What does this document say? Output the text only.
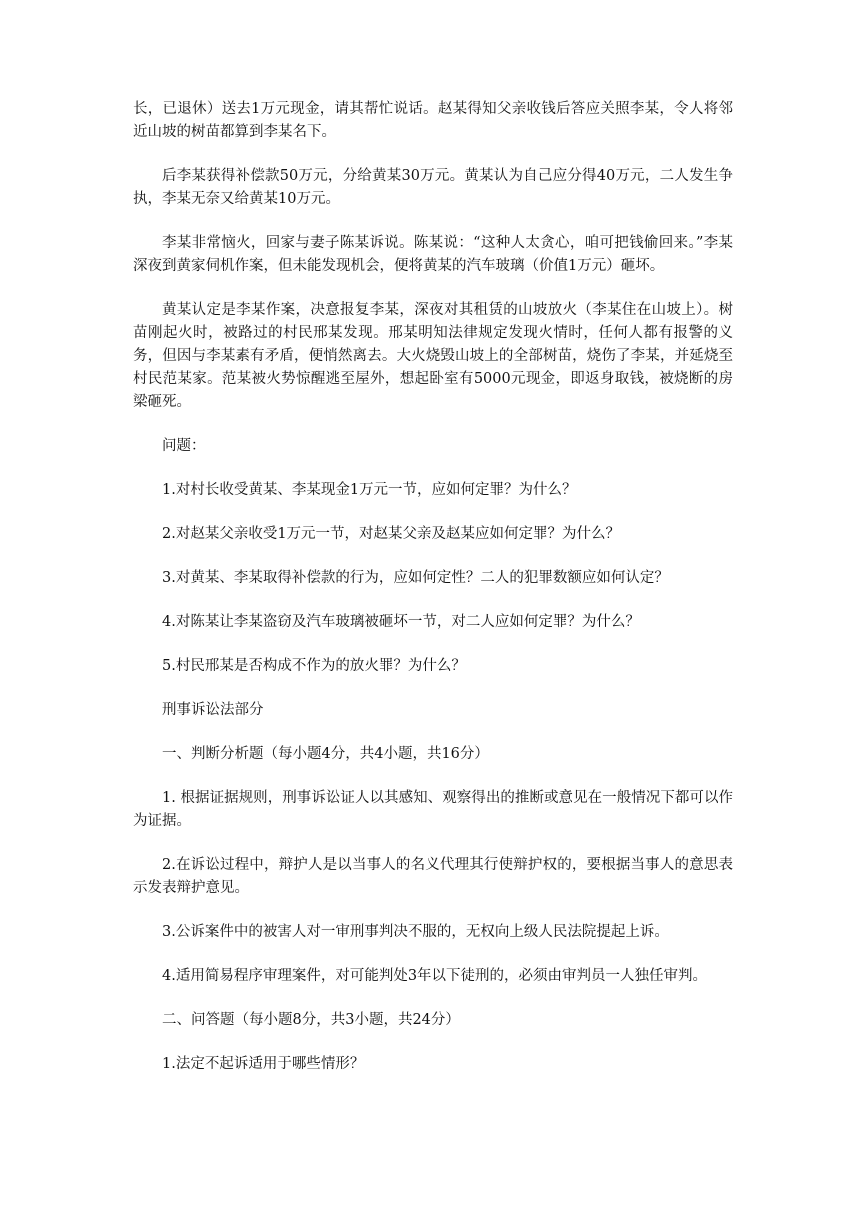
长，已退休）送去1万元现金，请其帮忙说话。赵某得知父亲收钱后答应关照李某，令人将邻近山坡的树苗都算到李某名下。

后李某获得补偿款50万元，分给黄某30万元。黄某认为自己应分得40万元，二人发生争执，李某无奈又给黄某10万元。

李某非常恼火，回家与妻子陈某诉说。陈某说：“这种人太贪心，咱可把钱偷回来。”李某深夜到黄家伺机作案，但未能发现机会，便将黄某的汽车玻璃（价值1万元）砸坏。

黄某认定是李某作案，决意报复李某，深夜对其租赁的山坡放火（李某住在山坡上）。树苗刚起火时，被路过的村民邢某发现。邢某明知法律规定发现火情时，任何人都有报警的义务，但因与李某素有矛盾，便悄然离去。大火烧毁山坡上的全部树苗，烧伤了李某，并延烧至村民范某家。范某被火势惊醒逃至屋外，想起卧室有5000元现金，即返身取钱，被烧断的房梁砸死。

问题：

1.对村长收受黄某、李某现金1万元一节，应如何定罪？为什么？

2.对赵某父亲收受1万元一节，对赵某父亲及赵某应如何定罪？为什么？

3.对黄某、李某取得补偿款的行为，应如何定性？二人的犯罪数额应如何认定？

4.对陈某让李某盗窃及汽车玻璃被砸坏一节，对二人应如何定罪？为什么？

5.村民邢某是否构成不作为的放火罪？为什么？

刑事诉讼法部分

一、判断分析题（每小题4分，共4小题，共16分）

1. 根据证据规则，刑事诉讼证人以其感知、观察得出的推断或意见在一般情况下都可以作为证据。

2.在诉讼过程中，辩护人是以当事人的名义代理其行使辩护权的，要根据当事人的意思表示发表辩护意见。

3.公诉案件中的被害人对一审刑事判决不服的，无权向上级人民法院提起上诉。

4.适用简易程序审理案件，对可能判处3年以下徒刑的，必须由审判员一人独任审判。

二、问答题（每小题8分，共3小题，共24分）

1.法定不起诉适用于哪些情形？
